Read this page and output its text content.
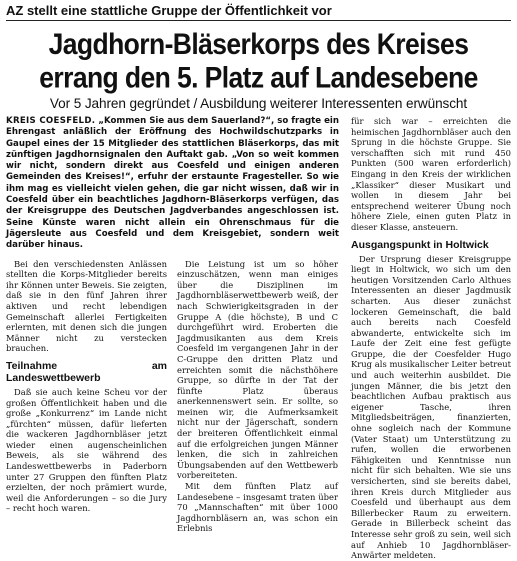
AZ stellt eine stattliche Gruppe der Öffentlichkeit vor
Jagdhorn-Bläserkorps des Kreises
errang den 5. Platz auf Landesebene
Vor 5 Jahren gegründet / Ausbildung weiterer Interessenten erwünscht
KREIS COESFELD. „Kommen Sie aus dem Sauerland?“, so fragte ein Ehrengast anläßlich der Eröffnung des Hochwildschutzparks in Gaupel eines der 15 Mitglieder des stattlichen Bläserkorps, das mit zünftigen Jagdhornsignalen den Auftakt gab. „Von so weit kommen wir nicht, sondern direkt aus Coesfeld und einigen anderen Gemeinden des Kreises!“, erfuhr der erstaunte Fragesteller. So wie ihm mag es vielleicht vielen gehen, die gar nicht wissen, daß wir in Coesfeld über ein beachtliches Jagdhorn-Bläserkorps verfügen, das der Kreisgruppe des Deutschen Jagdverbandes angeschlossen ist. Seine Künste waren nicht allein ein Ohrenschmaus für die Jägersleute aus Coesfeld und dem Kreisgebiet, sondern weit darüber hinaus.

Bei den verschiedensten Anlässen stellten die Korps-Mitglieder bereits ihr Können unter Beweis. Sie zeigten, daß sie in den fünf Jahren ihrer aktiven und recht lebendigen Gemeinschaft allerlei Fertigkeiten erlernten, mit denen sich die jungen Männer nicht zu verstecken brauchen.

Teilnahme am Landeswettbewerb

Daß sie auch keine Scheu vor der großen Öffentlichkeit haben und die große „Konkurrenz“ im Lande nicht „fürchten“ müssen, dafür lieferten die wackeren Jagdhornbläser jetzt wieder einen augenscheinlichen Beweis, als sie während des Landeswettbewerbs in Paderborn unter 27 Gruppen den fünften Platz erzielten, der noch prämiert wurde, weil die Anforderungen – so die Jury – recht hoch waren.

Die Leistung ist um so höher einzuschätzen, wenn man einiges über die Disziplinen im Jagdhornbläserwettbewerb weiß, der nach Schwierigkeitsgraden in der Gruppe A (die höchste), B und C durchgeführt wird. Eroberten die Jagdmusikanten aus dem Kreis Coesfeld im vergangenen Jahr in der C-Gruppe den dritten Platz und erreichten somit die nächsthöhere Gruppe, so dürfte in der Tat der fünfte Platz überaus anerkennenswert sein. Er sollte, so meinen wir, die Aufmerksamkeit nicht nur der Jägerschaft, sondern der breiteren Öffentlichkeit einmal auf die erfolgreichen jungen Männer lenken, die sich in zahlreichen Übungsabenden auf den Wettbewerb vorbereiteten.

Mit dem fünften Platz auf Landesebene – insgesamt traten über 70 „Mannschaften“ mit über 1000 Jagdhornbläsern an, was schon ein Erlebnis

für sich war – erreichten die heimischen Jagdhornbläser auch den Sprung in die höchste Gruppe. Sie verschafften sich mit rund 450 Punkten (500 waren erforderlich) Eingang in den Kreis der wirklichen „Klassiker“ dieser Musikart und wollen in diesem Jahr bei entsprechend weiterer Übung noch höhere Ziele, einen guten Platz in dieser Klasse, ansteuern.

Ausgangspunkt in Holtwick

Der Ursprung dieser Kreisgruppe liegt in Holtwick, wo sich um den heutigen Vorsitzenden Carlo Althues Interessenten an dieser Jagdmusik scharten. Aus dieser zunächst lockeren Gemeinschaft, die bald auch bereits nach Coesfeld abwanderte, entwickelte sich im Laufe der Zeit eine fest gefügte Gruppe, die der Coesfelder Hugo Krug als musikalischer Leiter betreut und auch weiterhin ausbildet. Die jungen Männer, die bis jetzt den beachtlichen Aufbau praktisch aus eigener Tasche, ihren Mitgliedsbeiträgen, finanzierten, ohne sogleich nach der Kommune (Vater Staat) um Unterstützung zu rufen, wollen die erworbenen Fähigkeiten und Kenntnisse nun nicht für sich behalten. Wie sie uns versicherten, sind sie bereits dabei, ihren Kreis durch Mitglieder aus Coesfeld und überhaupt aus dem Billerbecker Raum zu erweitern. Gerade in Billerbeck scheint das Interesse sehr groß zu sein, weil sich auf Anhieb 10 Jagdhornbläser-Anwärter meldeten.
